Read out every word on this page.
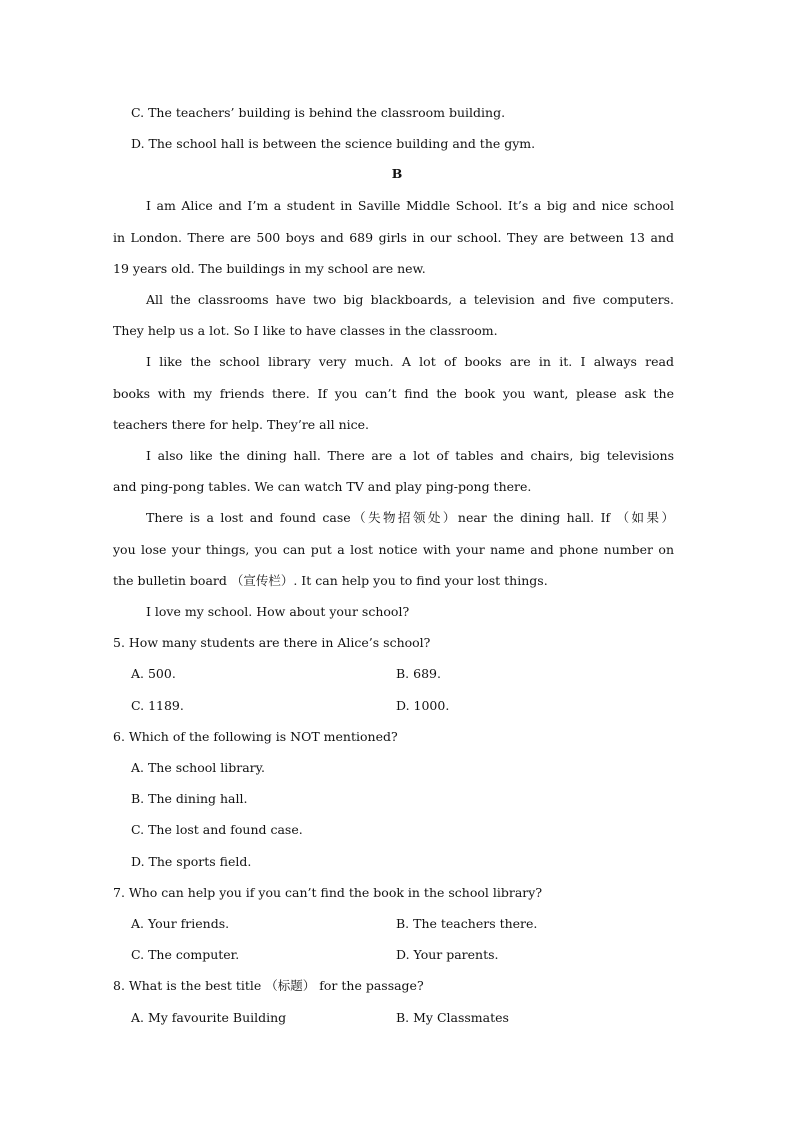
C. The teachers’ building is behind the classroom building.
D. The school hall is between the science building and the gym.
B
I am Alice and I’m a student in Saville Middle School. It’s a big and nice school
in London. There are 500 boys and 689 girls in our school. They are between 13 and
19 years old. The buildings in my school are new.
All the classrooms have two big blackboards, a television and five computers.
They help us a lot. So I like to have classes in the classroom.
I like the school library very much. A lot of books are in it. I always read
books with my friends there. If you can’t find the book you want, please ask the
teachers there for help. They’re all nice.
I also like the dining hall. There are a lot of tables and chairs, big televisions
and ping-pong tables. We can watch TV and play ping-pong there.
There is a lost and found case（失物招领处）near the dining hall. If （如果）
you lose your things, you can put a lost notice with your name and phone number on
the bulletin board （宣传栏）. It can help you to find your lost things.
I love my school. How about your school?
5. How many students are there in Alice’s school?
A. 500.	B. 689.
C. 1189.	D. 1000.
6. Which of the following is NOT mentioned?
A. The school library.
B. The dining hall.
C. The lost and found case.
D. The sports field.
7. Who can help you if you can’t find the book in the school library?
A. Your friends.	B. The teachers there.
C. The computer.	D. Your parents.
8. What is the best title （标题） for the passage?
A. My favourite Building	B. My Classmates
